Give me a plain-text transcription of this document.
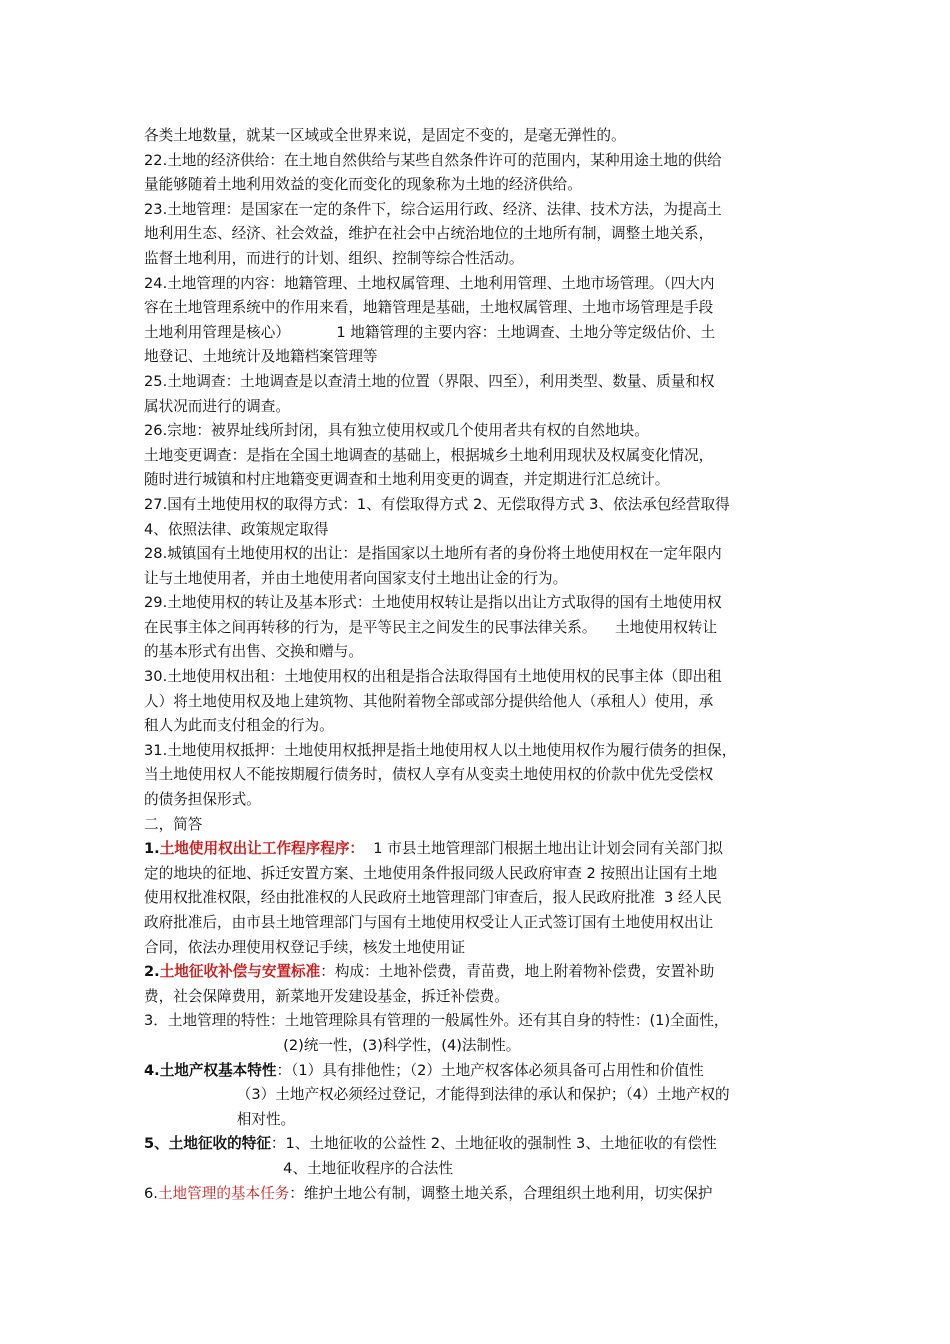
各类土地数量，就某一区域或全世界来说，是固定不变的，是毫无弹性的。
22.土地的经济供给：在土地自然供给与某些自然条件许可的范围内，某种用途土地的供给
量能够随着土地利用效益的变化而变化的现象称为土地的经济供给。
23.土地管理：是国家在一定的条件下，综合运用行政、经济、法律、技术方法，为提高土
地利用生态、经济、社会效益，维护在社会中占统治地位的土地所有制，调整土地关系，
监督土地利用，而进行的计划、组织、控制等综合性活动。
24.土地管理的内容：地籍管理、土地权属管理、土地利用管理、土地市场管理。（四大内
容在土地管理系统中的作用来看，地籍管理是基础，土地权属管理、土地市场管理是手段
土地利用管理是核心）          1 地籍管理的主要内容：土地调查、土地分等定级估价、土
地登记、土地统计及地籍档案管理等
25.土地调查：土地调查是以查清土地的位置（界限、四至），利用类型、数量、质量和权
属状况而进行的调查。
26.宗地：被界址线所封闭，具有独立使用权或几个使用者共有权的自然地块。
土地变更调查：是指在全国土地调查的基础上，根据城乡土地利用现状及权属变化情况，
随时进行城镇和村庄地籍变更调查和土地利用变更的调查，并定期进行汇总统计。
27.国有土地使用权的取得方式：1、有偿取得方式 2、无偿取得方式 3、依法承包经营取得
4、依照法律、政策规定取得
28.城镇国有土地使用权的出让：是指国家以土地所有者的身份将土地使用权在一定年限内
让与土地使用者，并由土地使用者向国家支付土地出让金的行为。
29.土地使用权的转让及基本形式：土地使用权转让是指以出让方式取得的国有土地使用权
在民事主体之间再转移的行为，是平等民主之间发生的民事法律关系。    土地使用权转让
的基本形式有出售、交换和赠与。
30.土地使用权出租：土地使用权的出租是指合法取得国有土地使用权的民事主体（即出租
人）将土地使用权及地上建筑物、其他附着物全部或部分提供给他人（承租人）使用，承
租人为此而支付租金的行为。
31.土地使用权抵押：土地使用权抵押是指土地使用权人以土地使用权作为履行债务的担保，
当土地使用权人不能按期履行债务时，债权人享有从变卖土地使用权的价款中优先受偿权
的债务担保形式。
二，简答
1.土地使用权出让工作程序程序：  1 市县土地管理部门根据土地出让计划会同有关部门拟
定的地块的征地、拆迁安置方案、土地使用条件报同级人民政府审查 2 按照出让国有土地
使用权批准权限，经由批准权的人民政府土地管理部门审查后，报人民政府批准  3 经人民
政府批准后，由市县土地管理部门与国有土地使用权受让人正式签订国有土地使用权出让
合同，依法办理使用权登记手续，核发土地使用证
2.土地征收补偿与安置标准：构成：土地补偿费，青苗费，地上附着物补偿费，安置补助
费，社会保障费用，新菜地开发建设基金，拆迁补偿费。
3．土地管理的特性：土地管理除具有管理的一般属性外。还有其自身的特性：(1)全面性，
(2)统一性，(3)科学性，(4)法制性。
4.土地产权基本特性：（1）具有排他性；（2）土地产权客体必须具备可占用性和价值性
（3）土地产权必须经过登记，才能得到法律的承认和保护；（4）土地产权的
相对性。
5、土地征收的特征：1、土地征收的公益性 2、土地征收的强制性 3、土地征收的有偿性
4、土地征收程序的合法性
6.土地管理的基本任务：维护土地公有制，调整土地关系，合理组织土地利用，切实保护
